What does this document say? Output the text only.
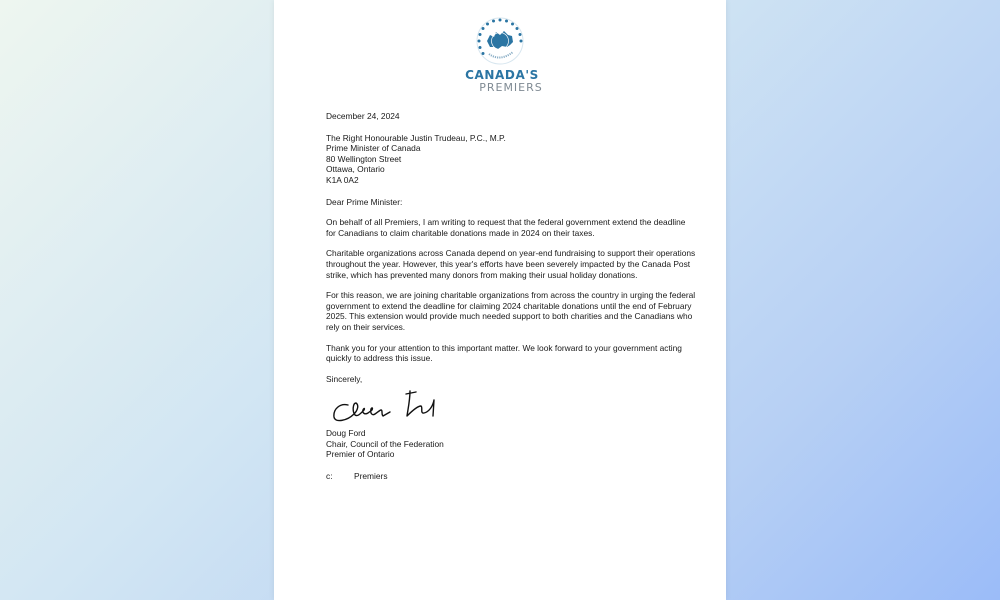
CANADA'S
PREMIERS

December 24, 2024

The Right Honourable Justin Trudeau, P.C., M.P.

Prime Minister of Canada

80 Wellington Street

Ottawa, Ontario

K1A 0A2

Dear Prime Minister:

On behalf of all Premiers, I am writing to request that the federal government extend the deadline for Canadians to claim charitable donations made in 2024 on their taxes.

Charitable organizations across Canada depend on year-end fundraising to support their operations throughout the year. However, this year's efforts have been severely impacted by the Canada Post strike, which has prevented many donors from making their usual holiday donations.

For this reason, we are joining charitable organizations from across the country in urging the federal government to extend the deadline for claiming 2024 charitable donations until the end of February 2025. This extension would provide much needed support to both charities and the Canadians who rely on their services.

Thank you for your attention to this important matter. We look forward to your government acting quickly to address this issue.

Sincerely,

Doug Ford

Chair, Council of the Federation

Premier of Ontario

c:	Premiers
